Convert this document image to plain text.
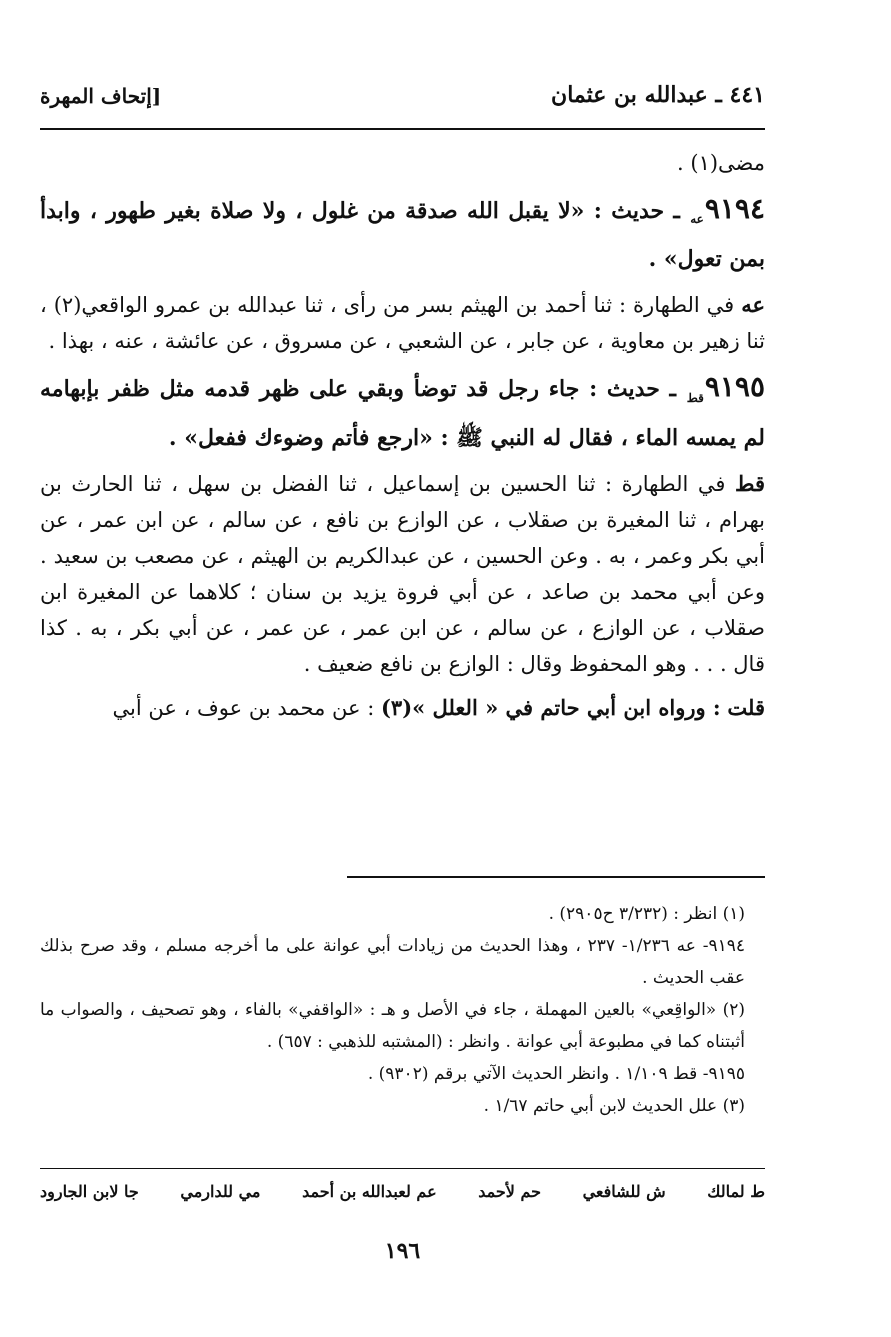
٤٤١ ـ عبدالله بن عثمان
[إتحاف المهرة

مضى(١) .

$٩١٩٤_{عه}$ ـ حديث : «لا يقبل الله صدقة من غلول ، ولا صلاة بغير طهور ، وابدأ بمن تعول» .

عه في الطهارة : ثنا أحمد بن الهيثم بسر من رأى ، ثنا عبدالله بن عمرو الواقعي(٢) ، ثنا زهير بن معاوية ، عن جابر ، عن الشعبي ، عن مسروق ، عن عائشة ، عنه ، بهذا .

$٩١٩٥_{قط}$ ـ حديث : جاء رجل قد توضأ وبقي على ظهر قدمه مثل ظفر بإبهامه لم يمسه الماء ، فقال له النبي ﷺ : «ارجع فأتم وضوءك ففعل» .

قط في الطهارة : ثنا الحسين بن إسماعيل ، ثنا الفضل بن سهل ، ثنا الحارث بن بهرام ، ثنا المغيرة بن صقلاب ، عن الوازع بن نافع ، عن سالم ، عن ابن عمر ، عن أبي بكر وعمر ، به . وعن الحسين ، عن عبدالكريم بن الهيثم ، عن مصعب بن سعيد . وعن أبي محمد بن صاعد ، عن أبي فروة يزيد بن سنان ؛ كلاهما عن المغيرة ابن صقلاب ، عن الوازع ، عن سالم ، عن ابن عمر ، عن عمر ، عن أبي بكر ، به . كذا قال . . . وهو المحفوظ وقال : الوازع بن نافع ضعيف .

قلت : ورواه ابن أبي حاتم في « العلل »(٣) : عن محمد بن عوف ، عن أبي

(١) انظر : (٣/٢٣٢ ح٢٩٠٥) .

٩١٩٤- عه ١/٢٣٦- ٢٣٧ ، وهذا الحديث من زيادات أبي عوانة على ما أخرجه مسلم ، وقد صرح بذلك عقب الحديث .

(٢) «الواقِعي» بالعين المهملة ، جاء في الأصل و هـ : «الواقفي» بالفاء ، وهو تصحيف ، والصواب ما أثبتناه كما في مطبوعة أبي عوانة . وانظر : (المشتبه للذهبي : ٦٥٧) .

٩١٩٥- قط ١/١٠٩ . وانظر الحديث الآتي برقم (٩٣٠٢) .

(٣) علل الحديث لابن أبي حاتم ١/٦٧ .

ط لمالك
ش للشافعي
حم لأحمد
عم لعبدالله بن أحمد
مي للدارمي
جا لابن الجارود
١٩٦
